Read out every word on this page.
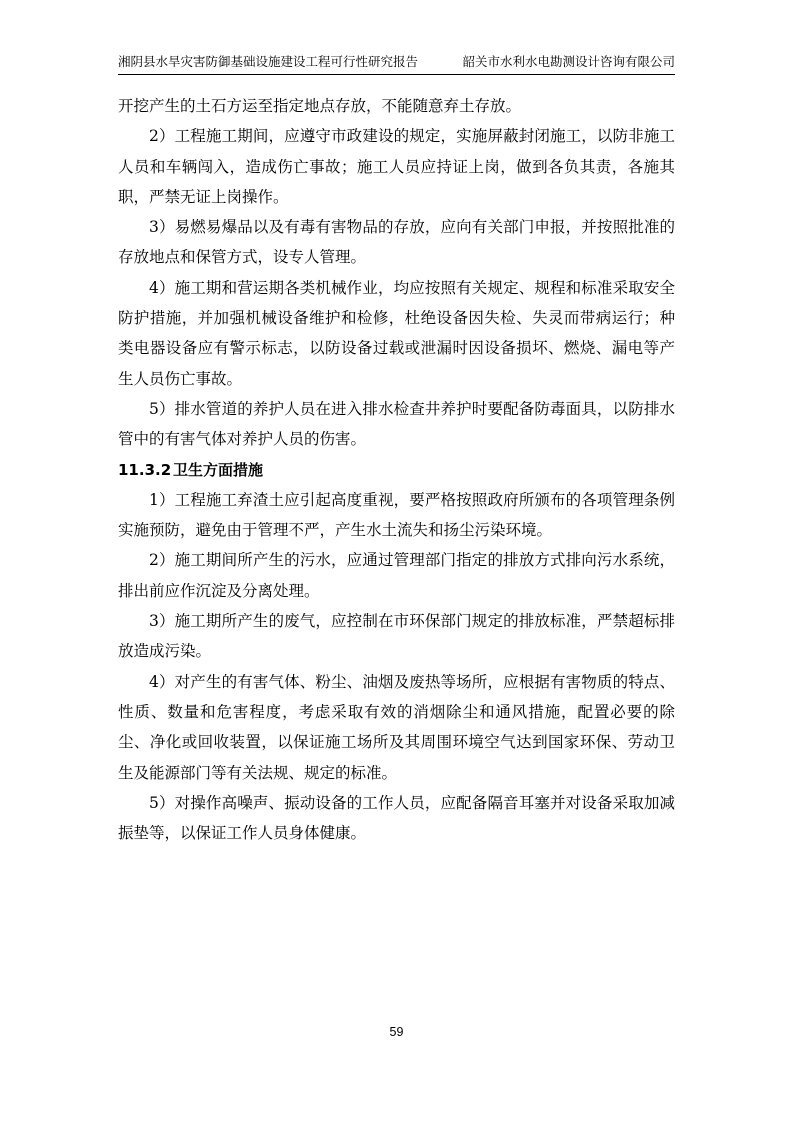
湘阴县水旱灾害防御基础设施建设工程可行性研究报告	韶关市水利水电勘测设计咨询有限公司

开挖产生的土石方运至指定地点存放，不能随意弃土存放。

2）工程施工期间，应遵守市政建设的规定，实施屏蔽封闭施工，以防非施工人员和车辆闯入，造成伤亡事故；施工人员应持证上岗，做到各负其责，各施其职，严禁无证上岗操作。

3）易燃易爆品以及有毒有害物品的存放，应向有关部门申报，并按照批准的存放地点和保管方式，设专人管理。

4）施工期和营运期各类机械作业，均应按照有关规定、规程和标准采取安全防护措施，并加强机械设备维护和检修，杜绝设备因失检、失灵而带病运行；种类电器设备应有警示标志，以防设备过载或泄漏时因设备损坏、燃烧、漏电等产生人员伤亡事故。

5）排水管道的养护人员在进入排水检查井养护时要配备防毒面具，以防排水管中的有害气体对养护人员的伤害。

11.3.2 卫生方面措施

1）工程施工弃渣土应引起高度重视，要严格按照政府所颁布的各项管理条例实施预防，避免由于管理不严，产生水土流失和扬尘污染环境。

2）施工期间所产生的污水，应通过管理部门指定的排放方式排向污水系统，排出前应作沉淀及分离处理。

3）施工期所产生的废气，应控制在市环保部门规定的排放标准，严禁超标排放造成污染。

4）对产生的有害气体、粉尘、油烟及废热等场所，应根据有害物质的特点、性质、数量和危害程度，考虑采取有效的消烟除尘和通风措施，配置必要的除尘、净化或回收装置，以保证施工场所及其周围环境空气达到国家环保、劳动卫生及能源部门等有关法规、规定的标准。

5）对操作高噪声、振动设备的工作人员，应配备隔音耳塞并对设备采取加减振垫等，以保证工作人员身体健康。

59
